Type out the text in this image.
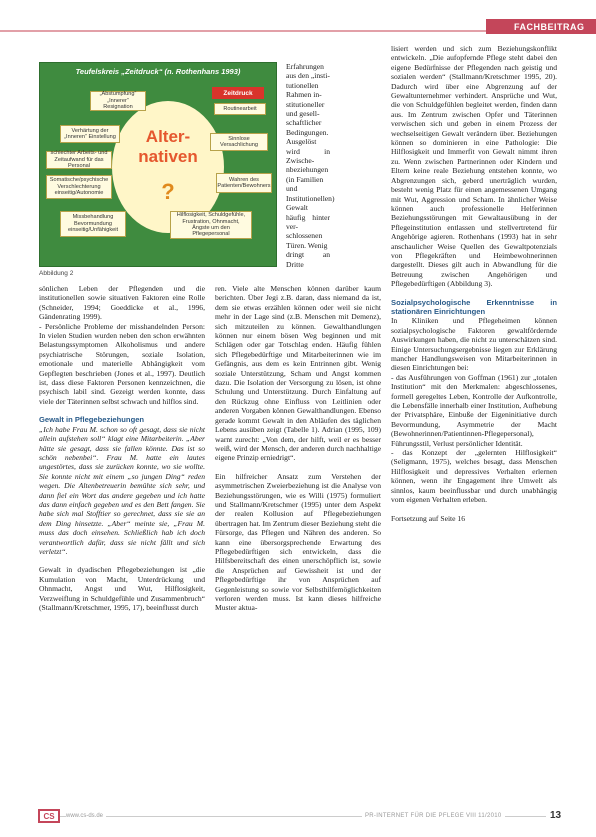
FACHBEITRAG
Teufelskreis „Zeitdruck“ (n. Rothenhans 1993)
Zeitdruck
Alter-
nativen
?
„Abstumpfung“ „Innerer“ Resignation	Routinearbeit
Verhärtung der „Inneren“ Einstellung	Sinnlose Versachlichung
schlechter Arbeits- und Zeitaufwand für das Personal
Somatische/psychische Verschlechterung einseitig/Autonomie
Wahren des Patienten/Bewohners
Missbehandlung Bevormundung einseitig/Unfähigkeit
Hilflosigkeit, Schuldgefühle, Frustration, Ohnmacht, Ängste um den Pflegepersonal
Abbildung 2

Erfahrungen aus den „insti-

tutionellen Rahmen in-

stitutioneller und gesell-

schaftlicher Bedingungen.

Ausgelöst wird in Zwische-

nbeziehungen (in Familien

und Institutionellen) Gewalt

häufig hinter ver-

schlossenen Türen. Wenig

dringt an Dritte

sönlichen Leben der Pflegenden und die institutionellen sowie situativen Faktoren eine Rolle (Schneider, 1994; Goeddicke et al., 1996, Gändenrating 1999).

- Persönliche Probleme der misshandelnden Person: In vielen Studien wurden neben den schon erwähnten Belastungssymptomen Alkoholismus und andere psychiatrische Störungen, soziale Isolation, emotionale und materielle Abhängigkeit vom Gepflegten beschrieben (Jones et al., 1997). Deutlich ist, dass diese Faktoren Personen kennzeichnen, die psychisch labil sind. Gezeigt werden konnte, dass viele der Täterinnen selbst schwach und hilflos sind.

Gewalt in Pflegebeziehungen

„Ich habe Frau M. schon so oft gesagt, dass sie nicht allein aufstehen soll“ klagt eine Mitarbeiterin. „Aber hätte sie gesagt, dass sie fallen könnte. Das ist so schön nebenbei“. Frau M. hatte ein lautes ungestörtes, dass sie zurücken konnte, wo sie wollte. Sie konnte nicht mit einem „so jungen Ding“ reden wegen. Die Altenbetreuerin bemühte sich sehr, und dann fiel ein Wort das andere gegeben und ich hatte das dann einfach gegeben und es den Bett fangen. Sie habe sich mal Stofftier so gerechnet, dass sie sie an dem Ding hinsetzte. „Aber“ meinte sie, „Frau M. muss das doch einsehen. Schließlich hab ich doch verantwortlich dafür, dass sie nicht fällt und sich verletzt“.

Gewalt in dyadischen Pflegebeziehungen ist „die Kumulation von Macht, Unterdrückung und Ohnmacht, Angst und Wut, Hilflosigkeit, Verzweiflung in Schuldgefühle und Zusammenbruch“ (Stallmann/Kretschmer, 1995, 17), beeinflusst durch

ren. Viele alte Menschen können darüber kaum berichten. Über Jegi z.B. daran, dass niemand da ist, dem sie etwas erzählen können oder weil sie nicht mehr in der Lage sind (z.B. Menschen mit Demenz), sich mitzuteilen zu können. Gewalthandlungen können nur einem bösen Weg beginnen und mit Schlägen oder gar Totschlag enden. Häufig fühlen sich Pflegebedürftige und Mitarbeiterinnen wie im Gefängnis, aus dem es kein Entrinnen gibt. Wenig soziale Unterstützung, Scham und Angst kommen dazu. Die Isolation der Versorgung zu lösen, ist ohne Schulung und Unterstützung. Durch Einfaltung auf den Rückzug ohne Einfluss von Leitlinien oder anderen Vorgaben können Gewalthandlungen. Ebenso gerade kommt Gewalt in den Abläufen des täglichen Lebens ausüben zeigt (Tabelle 1). Adrian (1995, 109) warnt zurecht: „Von dem, der hilft, weil er es besser weiß, wird der Mensch, der anderen durch nachhaltige eigene Prinzip erniedrigt“.

Ein hilfreicher Ansatz zum Verstehen der asymmetrischen Zweierbeziehung ist die Analyse von Beziehungsstörungen, wie es Willi (1975) formuliert und Stallmann/Kretschmer (1995) unter dem Aspekt der realen Kollusion auf Pflegebeziehungen übertragen hat. Im Zentrum dieser Beziehung steht die Fürsorge, das Pflegen und Nähren des anderen. So kann eine übersorgsprechende Erwartung des Pflegebedürftigen sich entwickeln, dass die Hilfsbereitschaft des einen unerschöpflich ist, sowie die Ansprüchen auf Gewissheit ist und der Pflegebedürftige ihr von Ansprüchen auf Gegenleistung so sowie vor Selbsthilfemöglichkeiten verloren werden muss. Ist kann dieses hilfreiche Muster aktua-

lisiert werden und sich zum Beziehungskonflikt entwickeln. „Die aufopfernde Pflege steht dabei den eigene Bedürfnisse der Pflegenden nach geistig und sozialen werden“ (Stallmann/Kretschmer 1995, 20). Dadurch wird über eine Abgrenzung auf der Gewaltunternehmer verhindert. Ansprüche und Wut, die von Schuldgefühlen begleitet werden, finden dann aus. Im Zentrum zwischen Opfer und Täterinnen verwischen sich und geben in einem Prozess der wechselseitigen Gewalt verändern über. Beziehungen können so dominieren in eine Pathologie: Die Hilflosigkeit und Immerfit von Gewalt nimmt ihren zu. Wenn zwischen Partnerinnen oder Kindern und Eltern keine reale Beziehung entstehen konnte, wo Abgrenzungen sich, geberd unerträglich wurden, besteht wenig Platz für einen angemessenen Umgang mit Wut, Aggression und Scham. In ähnlicher Weise können auch professionelle Helferinnen Beziehungsstörungen mit Gewaltausübung in der Pflegeinstitution entlassen und stellvertretend für Angehörige agieren. Rothenhans (1993) hat in sehr anschaulicher Weise Quellen des Gewaltpotenzials von Pflegekräften und Heimbewohnerinnen dargestellt. Dieses gilt auch in Abwandlung für die Betreuung zwischen Angehörigen und Pflegebedürftigen (Abbildung 3).

Sozialpsychologische Erkenntnisse in stationären Einrichtungen

In Kliniken und Pflegeheimen können sozialpsychologische Faktoren gewaltfördernde Auswirkungen haben, die nicht zu unterschätzen sind. Einige Untersuchungsergebnisse liegen zur Erklärung mancher Handlungsweisen von Mitarbeiterinnen in diesen Einrichtungen bei:

- das Ausführungen von Goffman (1961) zur „totalen Institution“ mit den Merkmalen: abgeschlossenes, formell geregeltes Leben, Kontrolle der Aufkontrolle, die Lebensfälle innerhalb einer Institution, Aufhebung der Privatsphäre, Einbuße der Eigeninitiative durch Bevormundung, Asymmetrie der Macht (Bewohnerinnen/Patientinnen-Pflegepersonal), Führungsstil, Verlust persönlicher Identität.

- das Konzept der „gelernten Hilflosigkeit“ (Seligmann, 1975), welches besagt, dass Menschen Hilflosigkeit und depressives Verhalten erlernen können, wenn ihr Engagement ihre Umwelt als sinnlos, kaum beeinflussbar und durch unabhängig vom eigenen Verhalten erleben.

Fortsetzung auf Seite 16

CS	www.cs-ds.de	PR-INTERNET FÜR DIE PFLEGE VIII 11/2010	13
